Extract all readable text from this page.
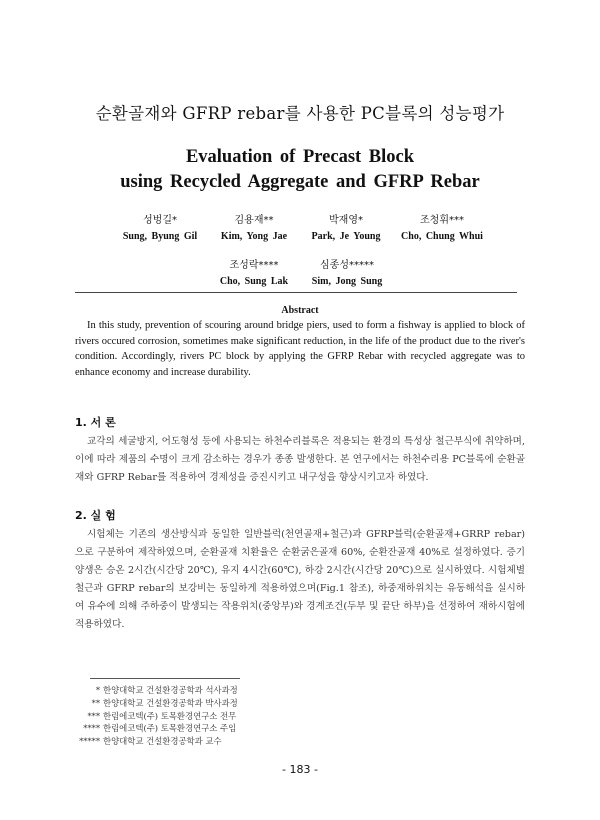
순환골재와 GFRP rebar를 사용한 PC블록의 성능평가
Evaluation of Precast Block
using Recycled Aggregate and GFRP Rebar
성벙길*
Sung, Byung Gil
김용재**
Kim, Yong Jae
박재영*
Park, Je Young
조청휘***
Cho, Chung Whui
조성락****
Cho, Sung Lak
심종성*****
Sim, Jong Sung
Abstract

In this study, prevention of scouring around bridge piers, used to form a fishway is applied to block of rivers occured corrosion, sometimes make significant reduction, in the life of the product due to the river's condition. Accordingly, rivers PC block by applying the GFRP Rebar with recycled aggregate was to enhance economy and increase durability.

1. 서 론

교각의 세굴방지, 어도형성 등에 사용되는 하천수리블록은 적용되는 환경의 특성상 철근부식에 취약하며, 이에 따라 제품의 수명이 크게 감소하는 경우가 종종 발생한다. 본 연구에서는 하천수리용 PC블록에 순환골재와 GFRP Rebar를 적용하여 경제성을 증진시키고 내구성을 향상시키고자 하였다.

2. 실 험

시험체는 기존의 생산방식과 동일한 일반블럭(천연골재+철근)과 GFRP블럭(순환골재+GRRP rebar)으로 구분하여 제작하였으며, 순환골재 치환율은 순환굵은골재 60%, 순환잔골재 40%로 설정하였다. 증기양생은 승온 2시간(시간당 20℃), 유지 4시간(60℃), 하강 2시간(시간당 20℃)으로 실시하였다. 시험체별 철근과 GFRP rebar의 보강비는 동일하게 적용하였으며(Fig.1 참조), 하중재하위치는 유동해석을 실시하여 유수에 의해 주하중이 발생되는 작용위치(중앙부)와 경계조건(두부 및 끝단 하부)을 선정하여 재하시험에 적용하였다.

* 한양대학교 건설환경공학과 석사과정
** 한양대학교 건설환경공학과 박사과정
*** 한림에코텍(주) 토목환경연구소 전무
**** 한림에코텍(주) 토목환경연구소 주임
***** 한양대학교 건설환경공학과 교수
- 183 -
